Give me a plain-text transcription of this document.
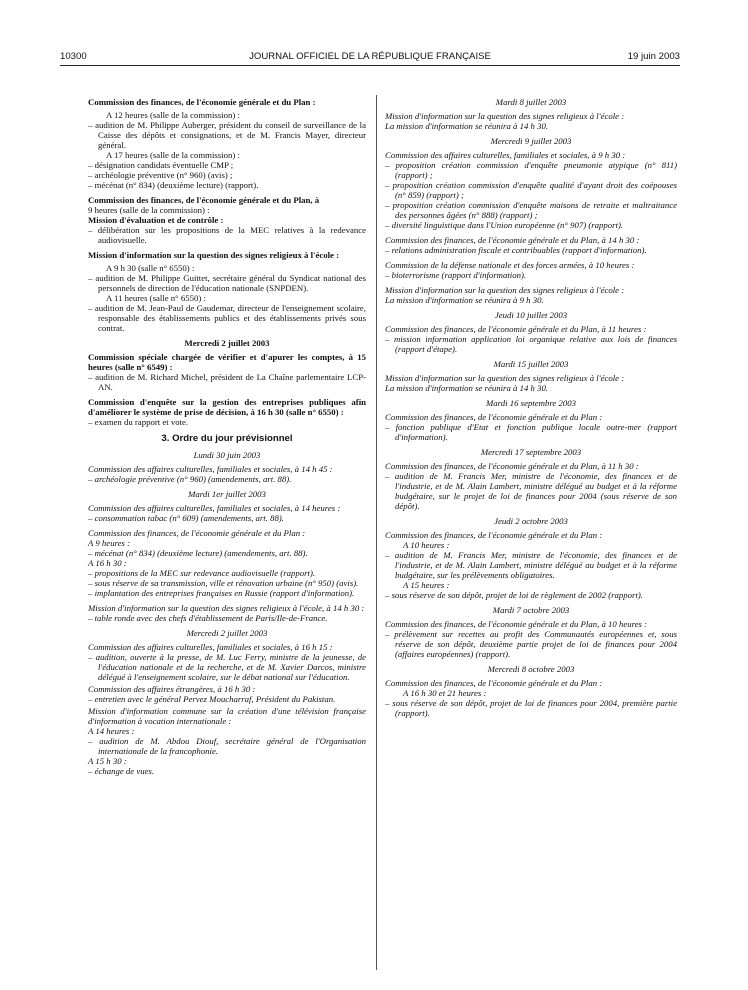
10300	JOURNAL OFFICIEL DE LA RÉPUBLIQUE FRANÇAISE	19 juin 2003

Commission des finances, de l'économie générale et du Plan :

A 12 heures (salle de la commission) :

– audition de M. Philippe Auberger, président du conseil de surveillance de la Caisse des dépôts et consignations, et de M. Francis Mayer, directeur général.

A 17 heures (salle de la commission) :

– désignation candidats éventuelle CMP ;

– archéologie préventive (n° 960) (avis) ;

– mécénat (n° 834) (deuxième lecture) (rapport).

Commission des finances, de l'économie générale et du Plan, à

9 heures (salle de la commission) :

Mission d'évaluation et de contrôle :

– délibération sur les propositions de la MEC relatives à la redevance audiovisuelle.

Mission d'information sur la question des signes religieux à l'école :

A 9 h 30 (salle n° 6550) :

– audition de M. Philippe Guittet, secrétaire général du Syndicat national des personnels de direction de l'éducation nationale (SNPDEN).

A 11 heures (salle n° 6550) :

– audition de M. Jean-Paul de Gaudemar, directeur de l'enseignement scolaire, responsable des établissements publics et des établissements privés sous contrat.

Mercredi 2 juillet 2003

Commission spéciale chargée de vérifier et d'apurer les comptes, à 15 heures (salle n° 6549) :

– audition de M. Richard Michel, président de La Chaîne parlementaire LCP-AN.

Commission d'enquête sur la gestion des entreprises publiques afin d'améliorer le système de prise de décision, à 16 h 30 (salle n° 6550) :

– examen du rapport et vote.

3. Ordre du jour prévisionnel

Lundi 30 juin 2003

Commission des affaires culturelles, familiales et sociales, à 14 h 45 :

– archéologie préventive (n° 960) (amendements, art. 88).

Mardi 1er juillet 2003

Commission des affaires culturelles, familiales et sociales, à 14 heures :

– consommation tabac (n° 609) (amendements, art. 88).

Commission des finances, de l'économie générale et du Plan :

A 9 heures :

– mécénat (n° 834) (deuxième lecture) (amendements, art. 88).

A 16 h 30 :

– propositions de la MEC sur redevance audiovisuelle (rapport).

– sous réserve de sa transmission, ville et rénovation urbaine (n° 950) (avis).

– implantation des entreprises françaises en Russie (rapport d'information).

Mission d'information sur la question des signes religieux à l'école, à 14 h 30 :

– table ronde avec des chefs d'établissement de Paris/Ile-de-France.

Mercredi 2 juillet 2003

Commission des affaires culturelles, familiales et sociales, à 16 h 15 :

– audition, ouverte à la presse, de M. Luc Ferry, ministre de la jeunesse, de l'éducation nationale et de la recherche, et de M. Xavier Darcos, ministre délégué à l'enseignement scolaire, sur le débat national sur l'éducation.

Commission des affaires étrangères, à 16 h 30 :

– entretien avec le général Pervez Moucharraf, Président du Pakistan.

Mission d'information commune sur la création d'une télévision française d'information à vocation internationale :

A 14 heures :

– audition de M. Abdou Diouf, secrétaire général de l'Organisation internationale de la francophonie.

A 15 h 30 :

– échange de vues.

Mardi 8 juillet 2003

Mission d'information sur la question des signes religieux à l'école :

La mission d'information se réunira à 14 h 30.

Mercredi 9 juillet 2003

Commission des affaires culturelles, familiales et sociales, à 9 h 30 :

– proposition création commission d'enquête pneumonie atypique (n° 811) (rapport) ;

– proposition création commission d'enquête qualité d'ayant droit des coépouses (n° 859) (rapport) ;

– proposition création commission d'enquête maisons de retraite et maltraitance des personnes âgées (n° 888) (rapport) ;

– diversité linguistique dans l'Union européenne (n° 907) (rapport).

Commission des finances, de l'économie générale et du Plan, à 14 h 30 :

– relations administration fiscale et contribuables (rapport d'information).

Commission de la défense nationale et des forces armées, à 10 heures :

– bioterrorisme (rapport d'information).

Mission d'information sur la question des signes religieux à l'école :

La mission d'information se réunira à 9 h 30.

Jeudi 10 juillet 2003

Commission des finances, de l'économie générale et du Plan, à 11 heures :

– mission information application loi organique relative aux lois de finances (rapport d'étape).

Mardi 15 juillet 2003

Mission d'information sur la question des signes religieux à l'école :

La mission d'information se réunira à 14 h 30.

Mardi 16 septembre 2003

Commission des finances, de l'économie générale et du Plan :

– fonction publique d'Etat et fonction publique locale outre-mer (rapport d'information).

Mercredi 17 septembre 2003

Commission des finances, de l'économie générale et du Plan, à 11 h 30 :

– audition de M. Francis Mer, ministre de l'économie, des finances et de l'industrie, et de M. Alain Lambert, ministre délégué au budget et à la réforme budgétaire, sur le projet de loi de finances pour 2004 (sous réserve de son dépôt).

Jeudi 2 octobre 2003

Commission des finances, de l'économie générale et du Plan :

A 10 heures :

– audition de M. Francis Mer, ministre de l'économie, des finances et de l'industrie, et de M. Alain Lambert, ministre délégué au budget et à la réforme budgétaire, sur les prélèvements obligatoires.

A 15 heures :

– sous réserve de son dépôt, projet de loi de règlement de 2002 (rapport).

Mardi 7 octobre 2003

Commission des finances, de l'économie générale et du Plan, à 10 heures :

– prélèvement sur recettes au profit des Communautés européennes et, sous réserve de son dépôt, deuxième partie projet de loi de finances pour 2004 (affaires européennes) (rapport).

Mercredi 8 octobre 2003

Commission des finances, de l'économie générale et du Plan :

A 16 h 30 et 21 heures :

– sous réserve de son dépôt, projet de loi de finances pour 2004, première partie (rapport).
